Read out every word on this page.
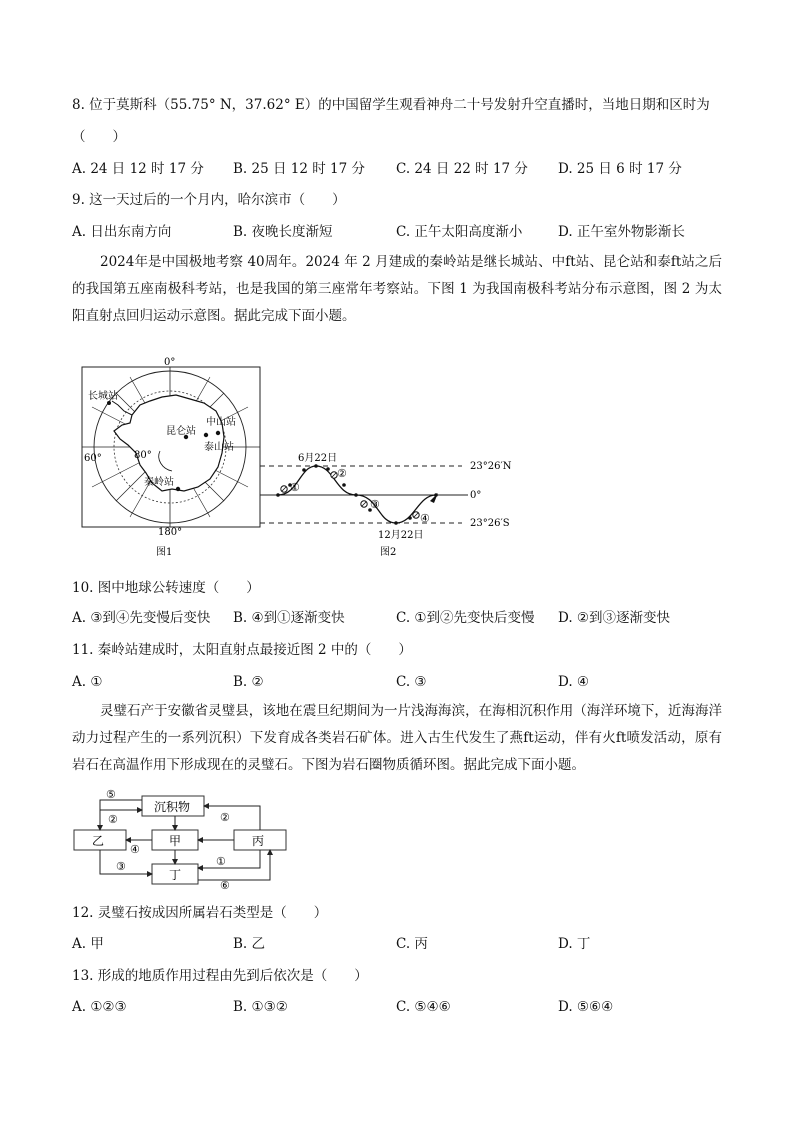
8. 位于莫斯科（55.75° N，37.62° E）的中国留学生观看神舟二十号发射升空直播时，当地日期和区时为
（　　）
A. 24 日 12 时 17 分 B. 25 日 12 时 17 分 C. 24 日 22 时 17 分 D. 25 日 6 时 17 分
9. 这一天过后的一个月内，哈尔滨市（　　）
A. 日出东南方向	B. 夜晚长度渐短	C. 正午太阳高度渐小	D. 正午室外物影渐长
2024年是中国极地考察 40周年。2024 年 2 月建成的秦岭站是继长城站、中ft站、昆仑站和泰ft站之后的我国第五座南极科考站，也是我国的第三座常年考察站。下图 1 为我国南极科考站分布示意图，图 2 为太阳直射点回归运动示意图。据此完成下面小题。
0°
180°
60°	80°
长城站
昆仑站
中山站
泰山站
秦岭站
图1
6月22日
12月22日
23°26′N
0°
23°26′S
①
②
③
④
图2
10. 图中地球公转速度（　　）
A. ③到④先变慢后变快 B. ④到①逐渐变快	C. ①到②先变快后变慢 D. ②到③逐渐变快
11. 秦岭站建成时，太阳直射点最接近图 2 中的（　　）
A. ①	B. ②	C. ③	D. ④
灵璧石产于安徽省灵璧县，该地在震旦纪期间为一片浅海海滨，在海相沉积作用（海洋环境下，近海海洋动力过程产生的一系列沉积）下发育成各类岩石矿体。进入古生代发生了燕ft运动，伴有火ft喷发活动，原有岩石在高温作用下形成现在的灵璧石。下图为岩石圈物质循环图。据此完成下面小题。
沉积物
乙	甲	丙
丁
⑤
②	②
④
③	①
⑥
12. 灵璧石按成因所属岩石类型是（　　）
A. 甲	B. 乙	C. 丙	D. 丁
13. 形成的地质作用过程由先到后依次是（　　）
A. ①②③	B. ①③②	C. ⑤④⑥	D. ⑤⑥④
